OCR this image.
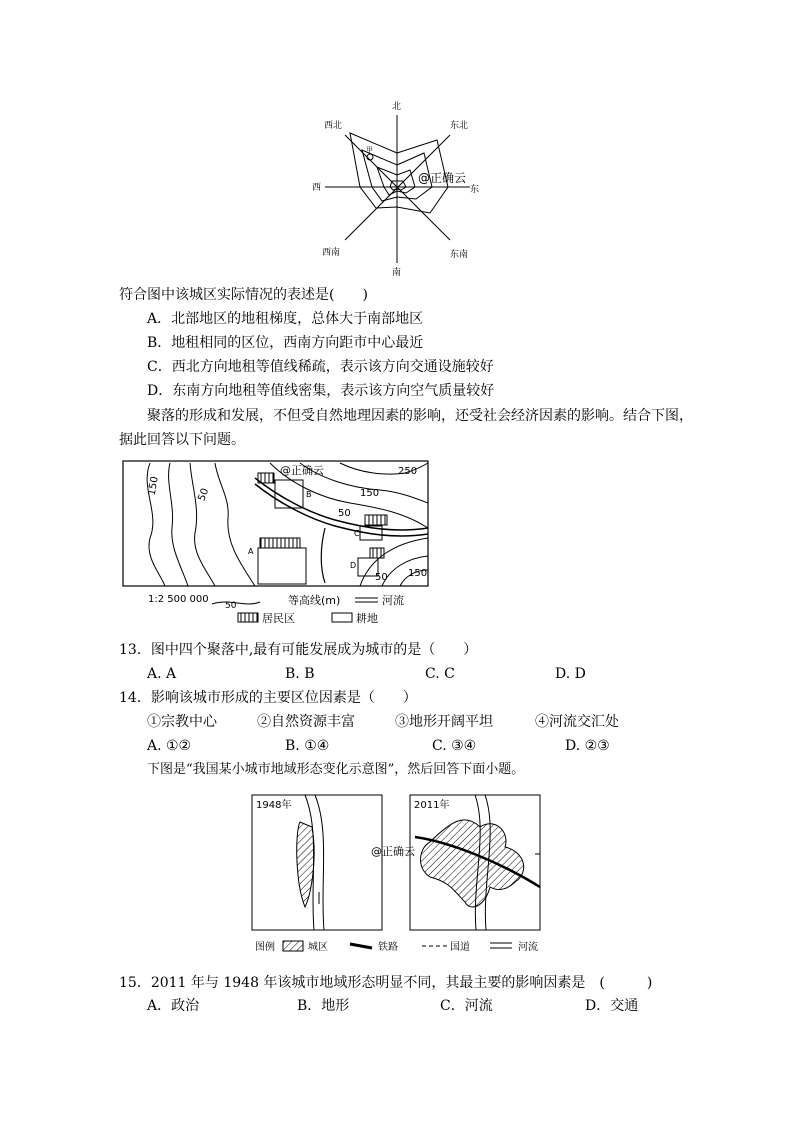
北
西北	东北
西	东
西南	东南
南
甲
@正确云
符合图中该城区实际情况的表述是(　　)
A．北部地区的地租梯度，总体大于南部地区
B．地租相同的区位，西南方向距市中心最近
C．西北方向地租等值线稀疏，表示该方向交通设施较好
D．东南方向地租等值线密集，表示该方向空气质量较好
聚落的形成和发展，不但受自然地理因素的影响，还受社会经济因素的影响。结合下图，
据此回答以下问题。
@正确云
150	50	150
50
250
150
50
A
B
C
D
1:2 500 000
50	等高线(m)	河流
居民区	耕地
13．图中四个聚落中,最有可能发展成为城市的是（　　）
A. A	B. B	C. C	D. D
14．影响该城市形成的主要区位因素是（　　）
①宗教中心	②自然资源丰富	③地形开阔平坦	④河流交汇处
A. ①②	B. ①④	C. ③④	D. ②③
下图是“我国某小城市地域形态变化示意图”，然后回答下面小题。
1948年	2011年
@正确云
图例	城区	铁路	国道	河流
15．2011 年与 1948 年该城市地域形态明显不同，其最主要的影响因素是　(　　　)
A．政治	B．地形	C．河流	D．交通
